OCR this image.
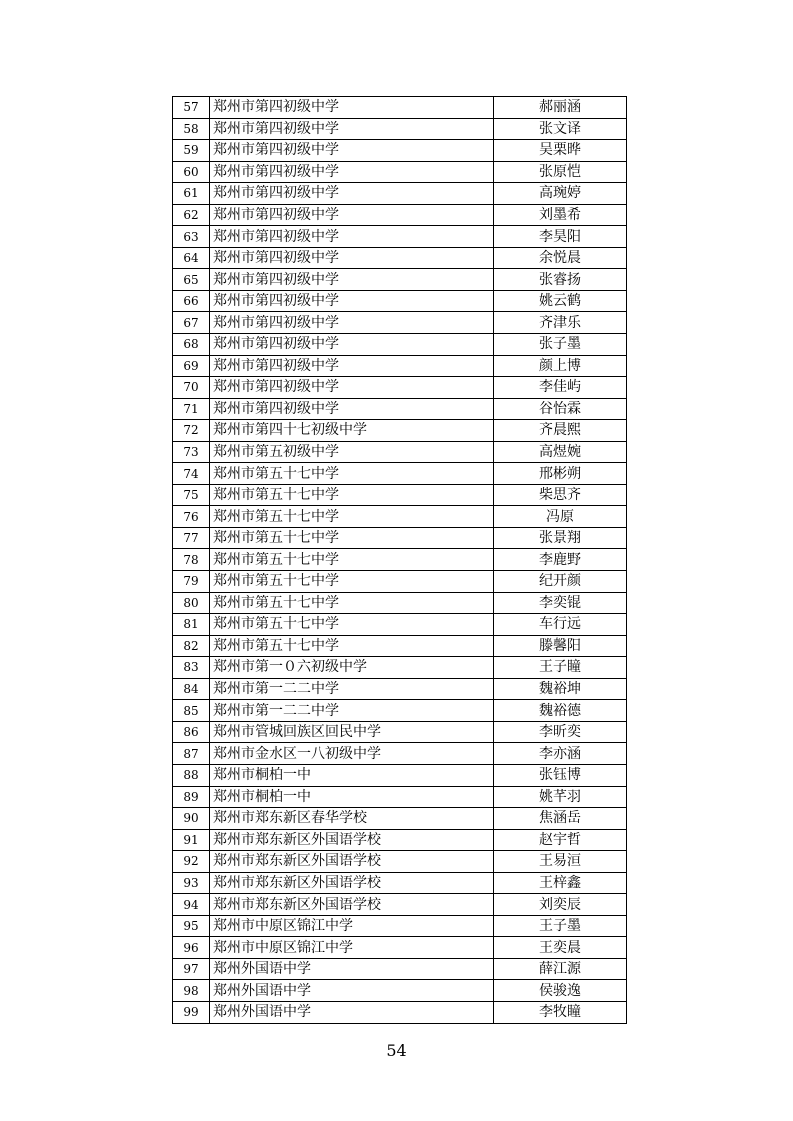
57	郑州市第四初级中学	郝丽涵
58	郑州市第四初级中学	张文译
59	郑州市第四初级中学	吴栗晔
60	郑州市第四初级中学	张原恺
61	郑州市第四初级中学	高琬婷
62	郑州市第四初级中学	刘墨希
63	郑州市第四初级中学	李昊阳
64	郑州市第四初级中学	余悦晨
65	郑州市第四初级中学	张睿扬
66	郑州市第四初级中学	姚云鹤
67	郑州市第四初级中学	齐津乐
68	郑州市第四初级中学	张子墨
69	郑州市第四初级中学	颜上博
70	郑州市第四初级中学	李佳屿
71	郑州市第四初级中学	谷怡霖
72	郑州市第四十七初级中学	齐晨熙
73	郑州市第五初级中学	高煜婉
74	郑州市第五十七中学	邢彬朔
75	郑州市第五十七中学	柴思齐
76	郑州市第五十七中学	冯原
77	郑州市第五十七中学	张景翔
78	郑州市第五十七中学	李鹿野
79	郑州市第五十七中学	纪开颜
80	郑州市第五十七中学	李奕锟
81	郑州市第五十七中学	车行远
82	郑州市第五十七中学	滕馨阳
83	郑州市第一０六初级中学	王子瞳
84	郑州市第一二二中学	魏裕坤
85	郑州市第一二二中学	魏裕德
86	郑州市管城回族区回民中学	李昕奕
87	郑州市金水区一八初级中学	李亦涵
88	郑州市桐柏一中	张钰博
89	郑州市桐柏一中	姚芊羽
90	郑州市郑东新区春华学校	焦涵岳
91	郑州市郑东新区外国语学校	赵宇哲
92	郑州市郑东新区外国语学校	王易洹
93	郑州市郑东新区外国语学校	王梓鑫
94	郑州市郑东新区外国语学校	刘奕辰
95	郑州市中原区锦江中学	王子墨
96	郑州市中原区锦江中学	王奕晨
97	郑州外国语中学	薛江源
98	郑州外国语中学	侯骏逸
99	郑州外国语中学	李牧瞳
54
